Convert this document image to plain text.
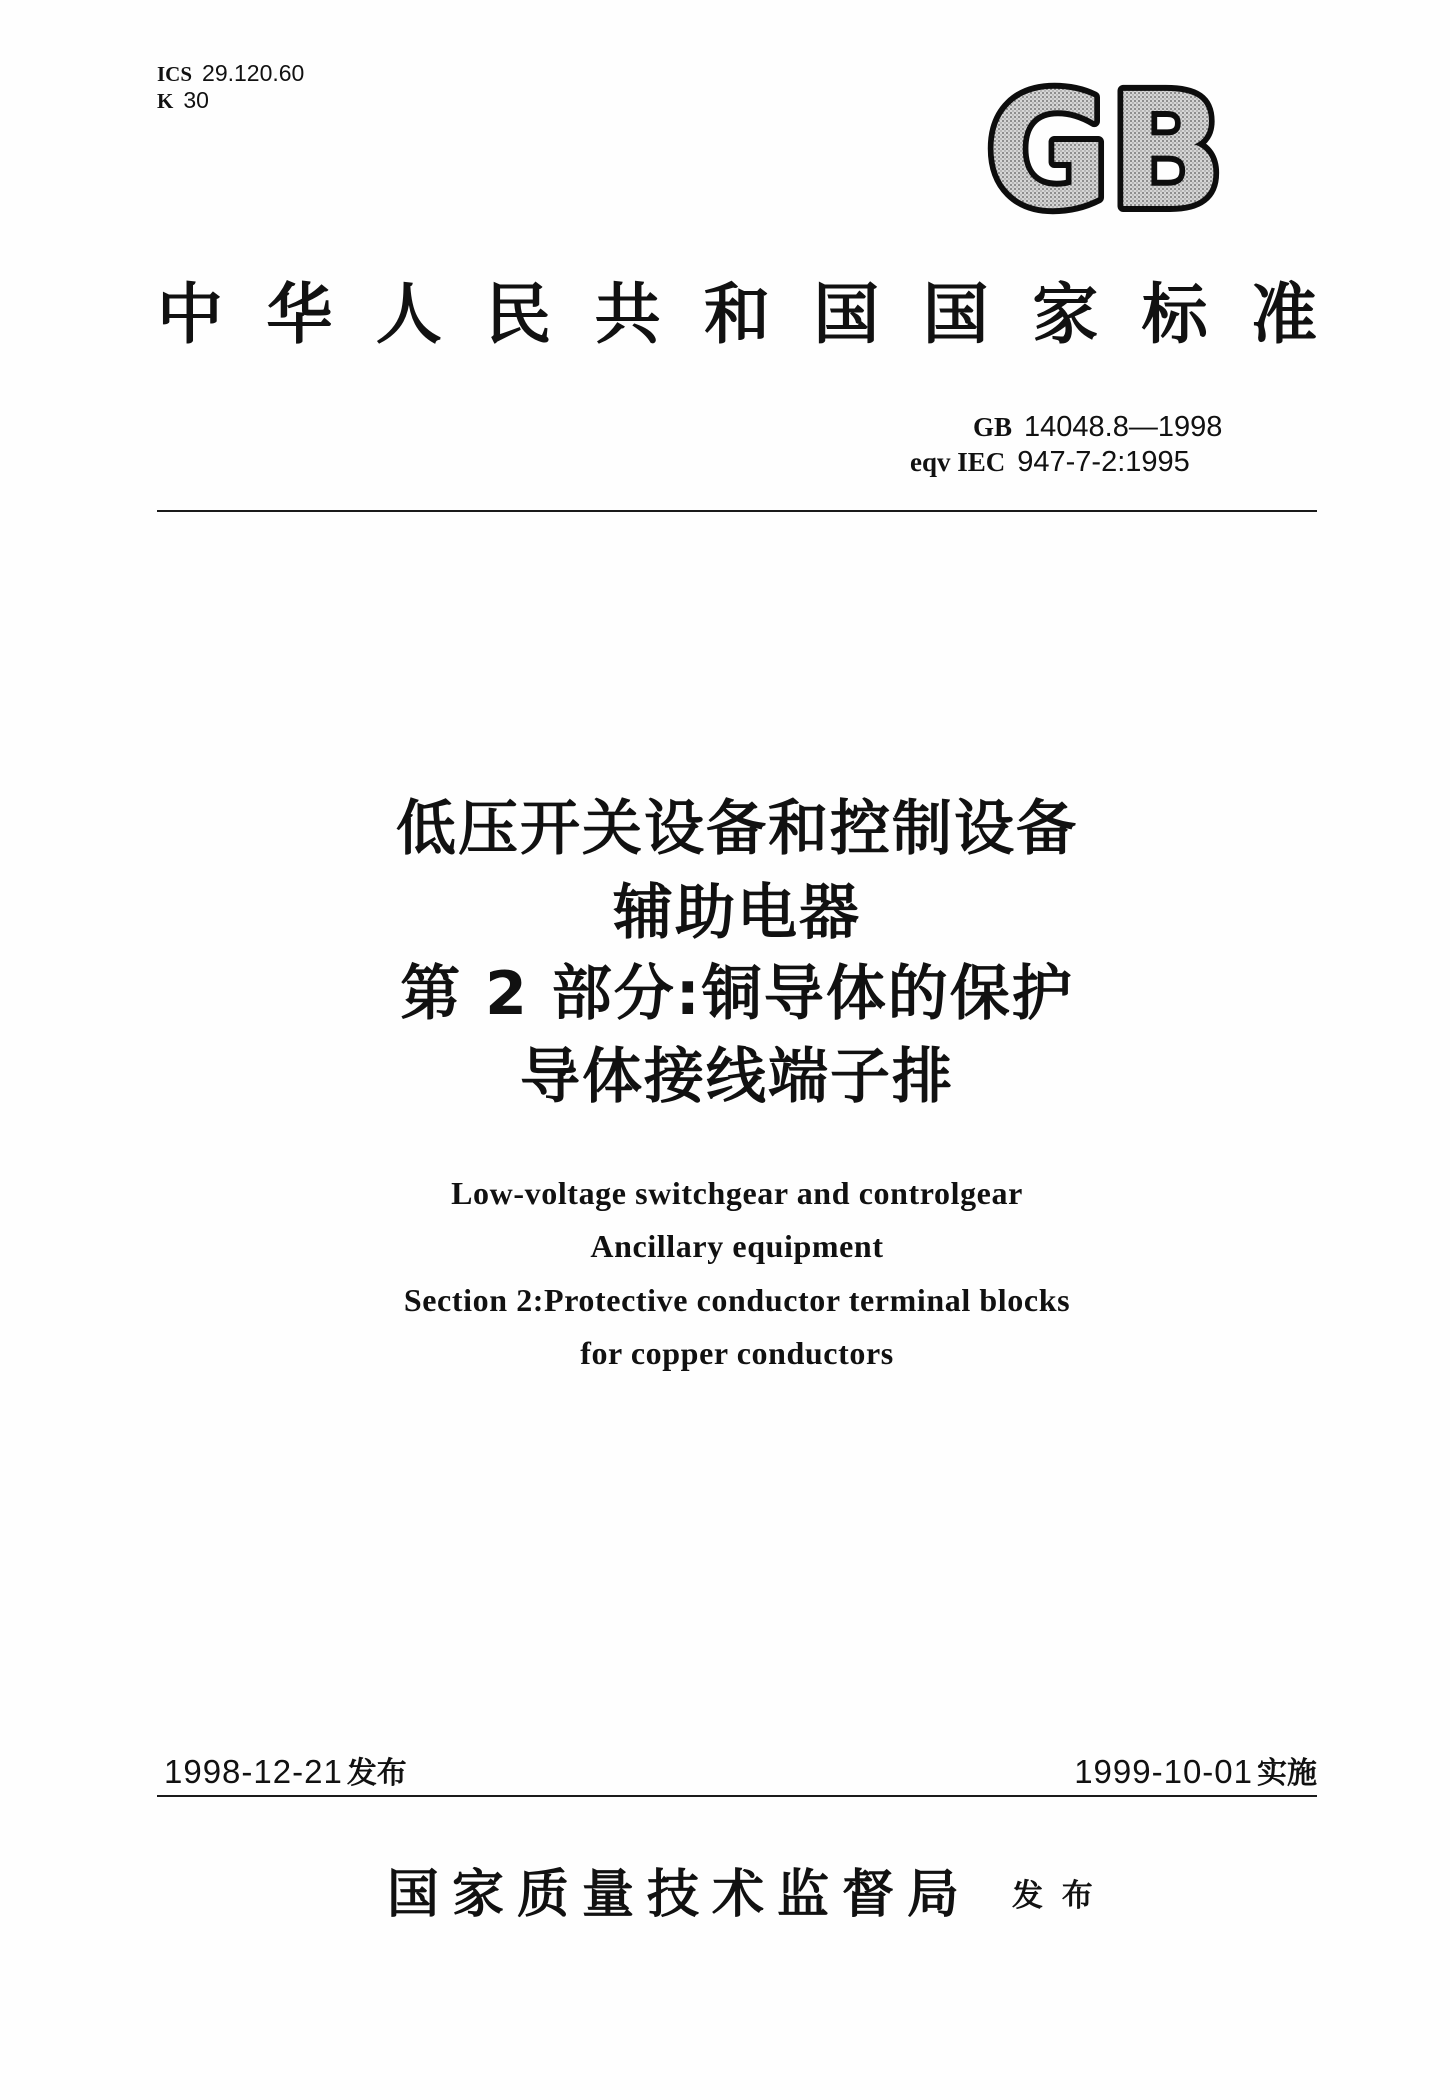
ICS 29.120.60
K 30	GB
中华人民共和国国家标准
GB 14048.8—1998
eqv IEC 947-7-2:1995
低压开关设备和控制设备
辅助电器
第 2 部分:铜导体的保护
导体接线端子排
Low-voltage switchgear and controlgear
Ancillary equipment
Section 2:Protective conductor terminal blocks
for copper conductors
1998-12-21 发布	1999-10-01 实施
国家质量技术监督局 发 布
